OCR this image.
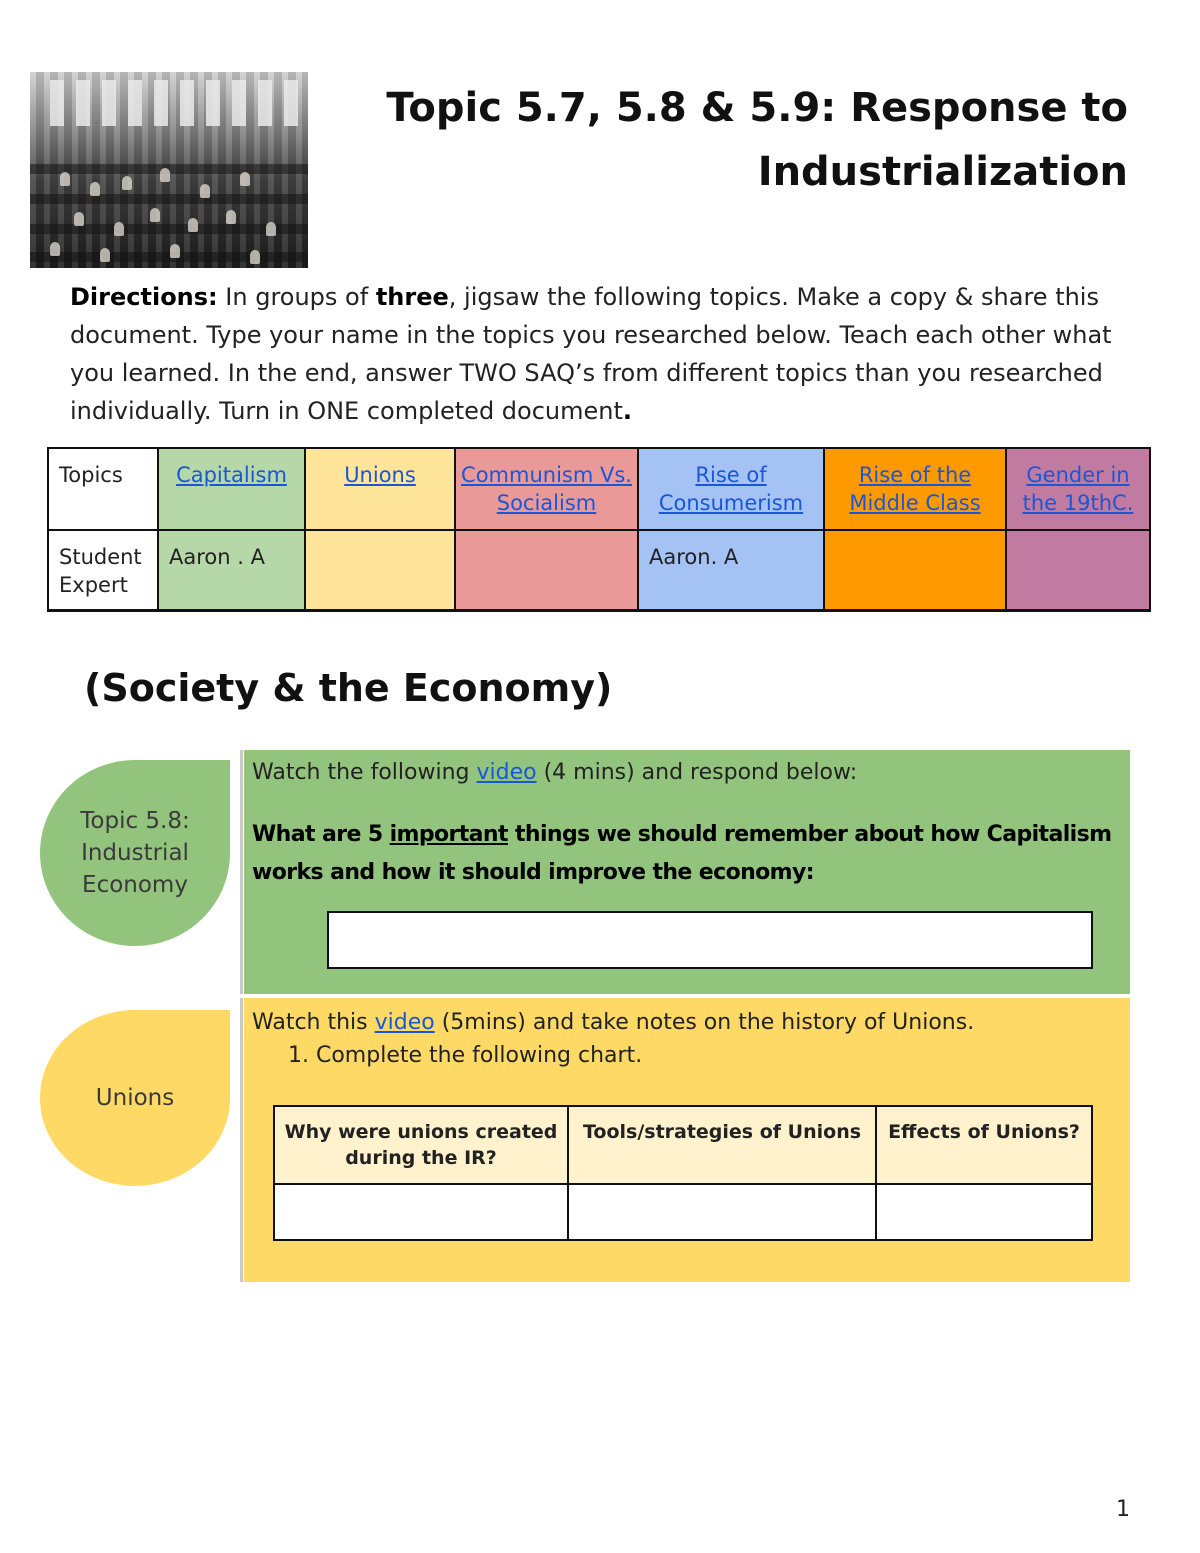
Topic 5.7, 5.8 & 5.9: Response to
Industrialization
Directions: In groups of three, jigsaw the following topics. Make a copy & share this document. Type your name in the topics you researched below. Teach each other what you learned. In the end, answer TWO SAQ’s from different topics than you researched individually. Turn in ONE completed document.
Topics	Capitalism	Unions	Communism Vs. Socialism	Rise of Consumerism	Rise of the Middle Class	Gender in the 19thC.
Student Expert	Aaron . A			Aaron. A		
(Society & the Economy)
Topic 5.8: Industrial Economy
Watch the following video (4 mins) and respond below:
What are 5 important things we should remember about how Capitalism works and how it should improve the economy:
Unions
Watch this video (5mins) and take notes on the history of Unions.
1. Complete the following chart.
Why were unions created during the IR?	Tools/strategies of Unions	Effects of Unions?

1
